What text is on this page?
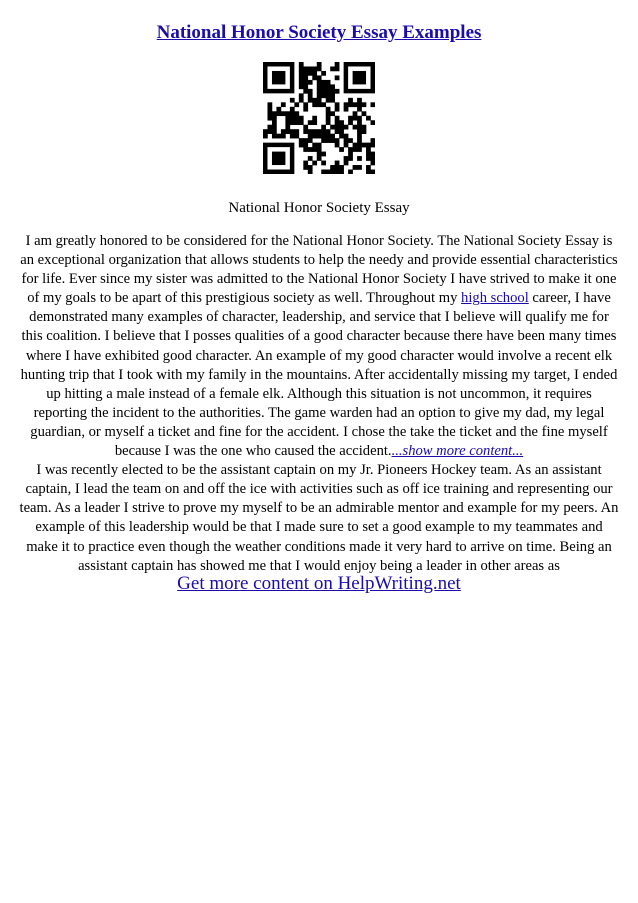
National Honor Society Essay Examples
National Honor Society Essay

I am greatly honored to be considered for the National Honor Society. The National Society Essay is an exceptional organization that allows students to help the needy and provide essential characteristics for life. Ever since my sister was admitted to the National Honor Society I have strived to make it one of my goals to be apart of this prestigious society as well. Throughout my high school career, I have demonstrated many examples of character, leadership, and service that I believe will qualify me for this coalition. I believe that I posses qualities of a good character because there have been many times where I have exhibited good character. An example of my good character would involve a recent elk hunting trip that I took with my family in the mountains. After accidentally missing my target, I ended up hitting a male instead of a female elk. Although this situation is not uncommon, it requires reporting the incident to the authorities. The game warden had an option to give my dad, my legal guardian, or myself a ticket and fine for the accident. I chose the take the ticket and the fine myself because I was the one who caused the accident....show more content...

I was recently elected to be the assistant captain on my Jr. Pioneers Hockey team. As an assistant captain, I lead the team on and off the ice with activities such as off ice training and representing our team. As a leader I strive to prove my myself to be an admirable mentor and example for my peers. An example of this leadership would be that I made sure to set a good example to my teammates and make it to practice even though the weather conditions made it very hard to arrive on time. Being an assistant captain has showed me that I would enjoy being a leader in other areas as

Get more content on HelpWriting.net
